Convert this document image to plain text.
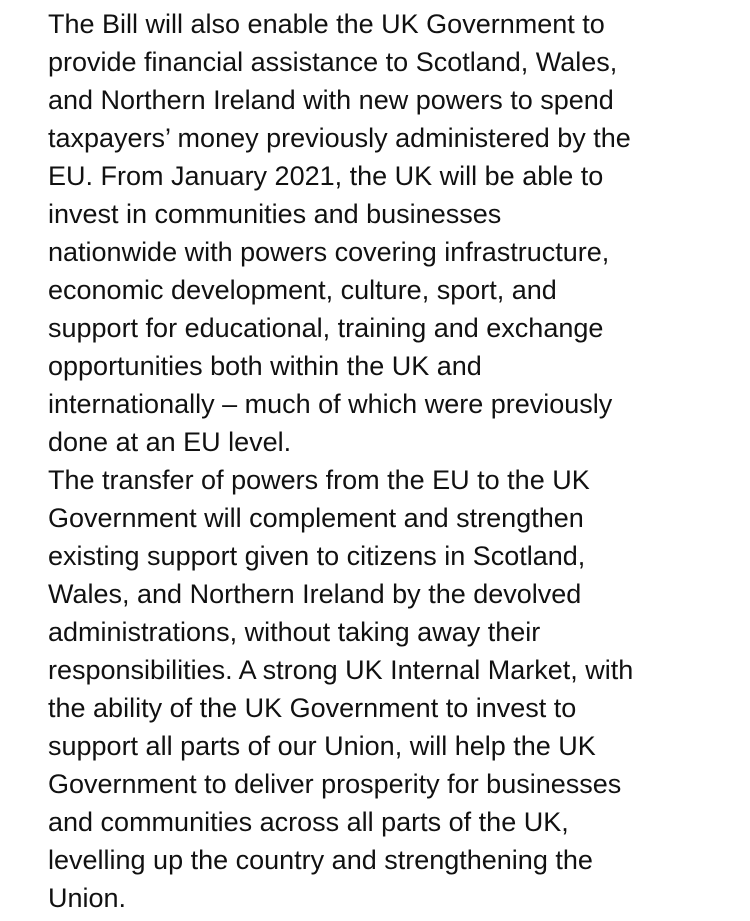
The Bill will also enable the UK Government to
provide financial assistance to Scotland, Wales,
and Northern Ireland with new powers to spend
taxpayers’ money previously administered by the
EU. From January 2021, the UK will be able to
invest in communities and businesses
nationwide with powers covering infrastructure,
economic development, culture, sport, and
support for educational, training and exchange
opportunities both within the UK and
internationally – much of which were previously
done at an EU level.
The transfer of powers from the EU to the UK
Government will complement and strengthen
existing support given to citizens in Scotland,
Wales, and Northern Ireland by the devolved
administrations, without taking away their
responsibilities. A strong UK Internal Market, with
the ability of the UK Government to invest to
support all parts of our Union, will help the UK
Government to deliver prosperity for businesses
and communities across all parts of the UK,
levelling up the country and strengthening the
Union.
